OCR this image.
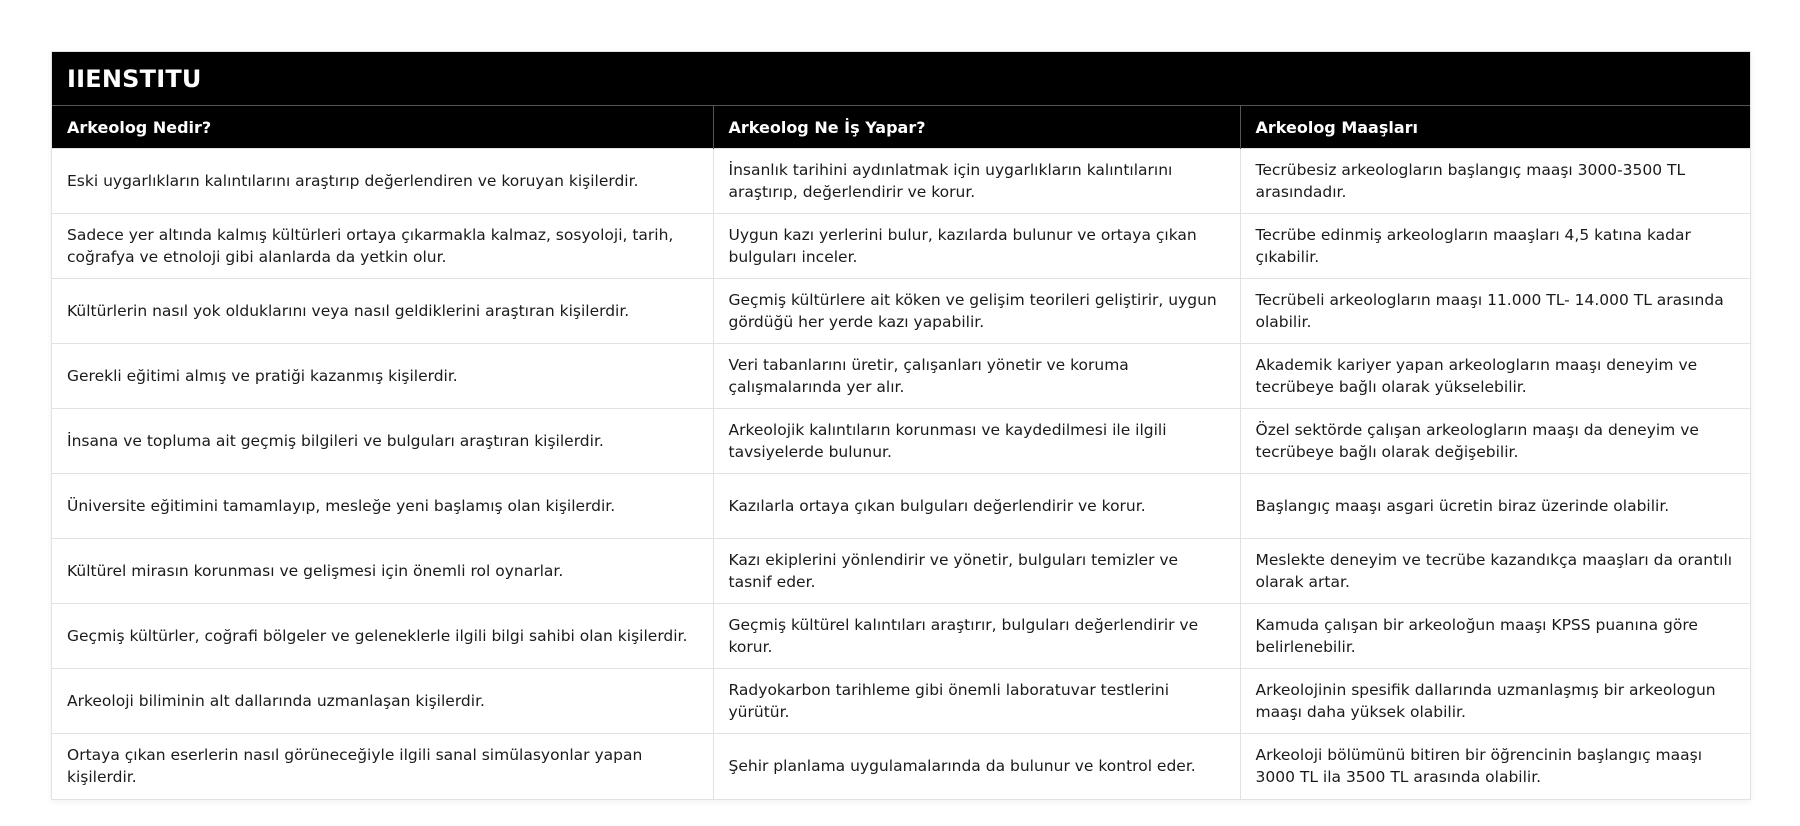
IIENSTITU
Arkeolog Nedir?	Arkeolog Ne İş Yapar?	Arkeolog Maaşları
Eski uygarlıkların kalıntılarını araştırıp değerlendiren ve koruyan kişilerdir.	İnsanlık tarihini aydınlatmak için uygarlıkların kalıntılarını araştırıp, değerlendirir ve korur.	Tecrübesiz arkeologların başlangıç maaşı 3000-3500 TL arasındadır.
Sadece yer altında kalmış kültürleri ortaya çıkarmakla kalmaz, sosyoloji, tarih, coğrafya ve etnoloji gibi alanlarda da yetkin olur.	Uygun kazı yerlerini bulur, kazılarda bulunur ve ortaya çıkan bulguları inceler.	Tecrübe edinmiş arkeologların maaşları 4,5 katına kadar çıkabilir.
Kültürlerin nasıl yok olduklarını veya nasıl geldiklerini araştıran kişilerdir.	Geçmiş kültürlere ait köken ve gelişim teorileri geliştirir, uygun gördüğü her yerde kazı yapabilir.	Tecrübeli arkeologların maaşı 11.000 TL- 14.000 TL arasında olabilir.
Gerekli eğitimi almış ve pratiği kazanmış kişilerdir.	Veri tabanlarını üretir, çalışanları yönetir ve koruma çalışmalarında yer alır.	Akademik kariyer yapan arkeologların maaşı deneyim ve tecrübeye bağlı olarak yükselebilir.
İnsana ve topluma ait geçmiş bilgileri ve bulguları araştıran kişilerdir.	Arkeolojik kalıntıların korunması ve kaydedilmesi ile ilgili tavsiyelerde bulunur.	Özel sektörde çalışan arkeologların maaşı da deneyim ve tecrübeye bağlı olarak değişebilir.
Üniversite eğitimini tamamlayıp, mesleğe yeni başlamış olan kişilerdir.	Kazılarla ortaya çıkan bulguları değerlendirir ve korur.	Başlangıç maaşı asgari ücretin biraz üzerinde olabilir.
Kültürel mirasın korunması ve gelişmesi için önemli rol oynarlar.	Kazı ekiplerini yönlendirir ve yönetir, bulguları temizler ve tasnif eder.	Meslekte deneyim ve tecrübe kazandıkça maaşları da orantılı olarak artar.
Geçmiş kültürler, coğrafi bölgeler ve geleneklerle ilgili bilgi sahibi olan kişilerdir.	Geçmiş kültürel kalıntıları araştırır, bulguları değerlendirir ve korur.	Kamuda çalışan bir arkeoloğun maaşı KPSS puanına göre belirlenebilir.
Arkeoloji biliminin alt dallarında uzmanlaşan kişilerdir.	Radyokarbon tarihleme gibi önemli laboratuvar testlerini yürütür.	Arkeolojinin spesifik dallarında uzmanlaşmış bir arkeologun maaşı daha yüksek olabilir.
Ortaya çıkan eserlerin nasıl görüneceğiyle ilgili sanal simülasyonlar yapan kişilerdir.	Şehir planlama uygulamalarında da bulunur ve kontrol eder.	Arkeoloji bölümünü bitiren bir öğrencinin başlangıç maaşı 3000 TL ila 3500 TL arasında olabilir.
